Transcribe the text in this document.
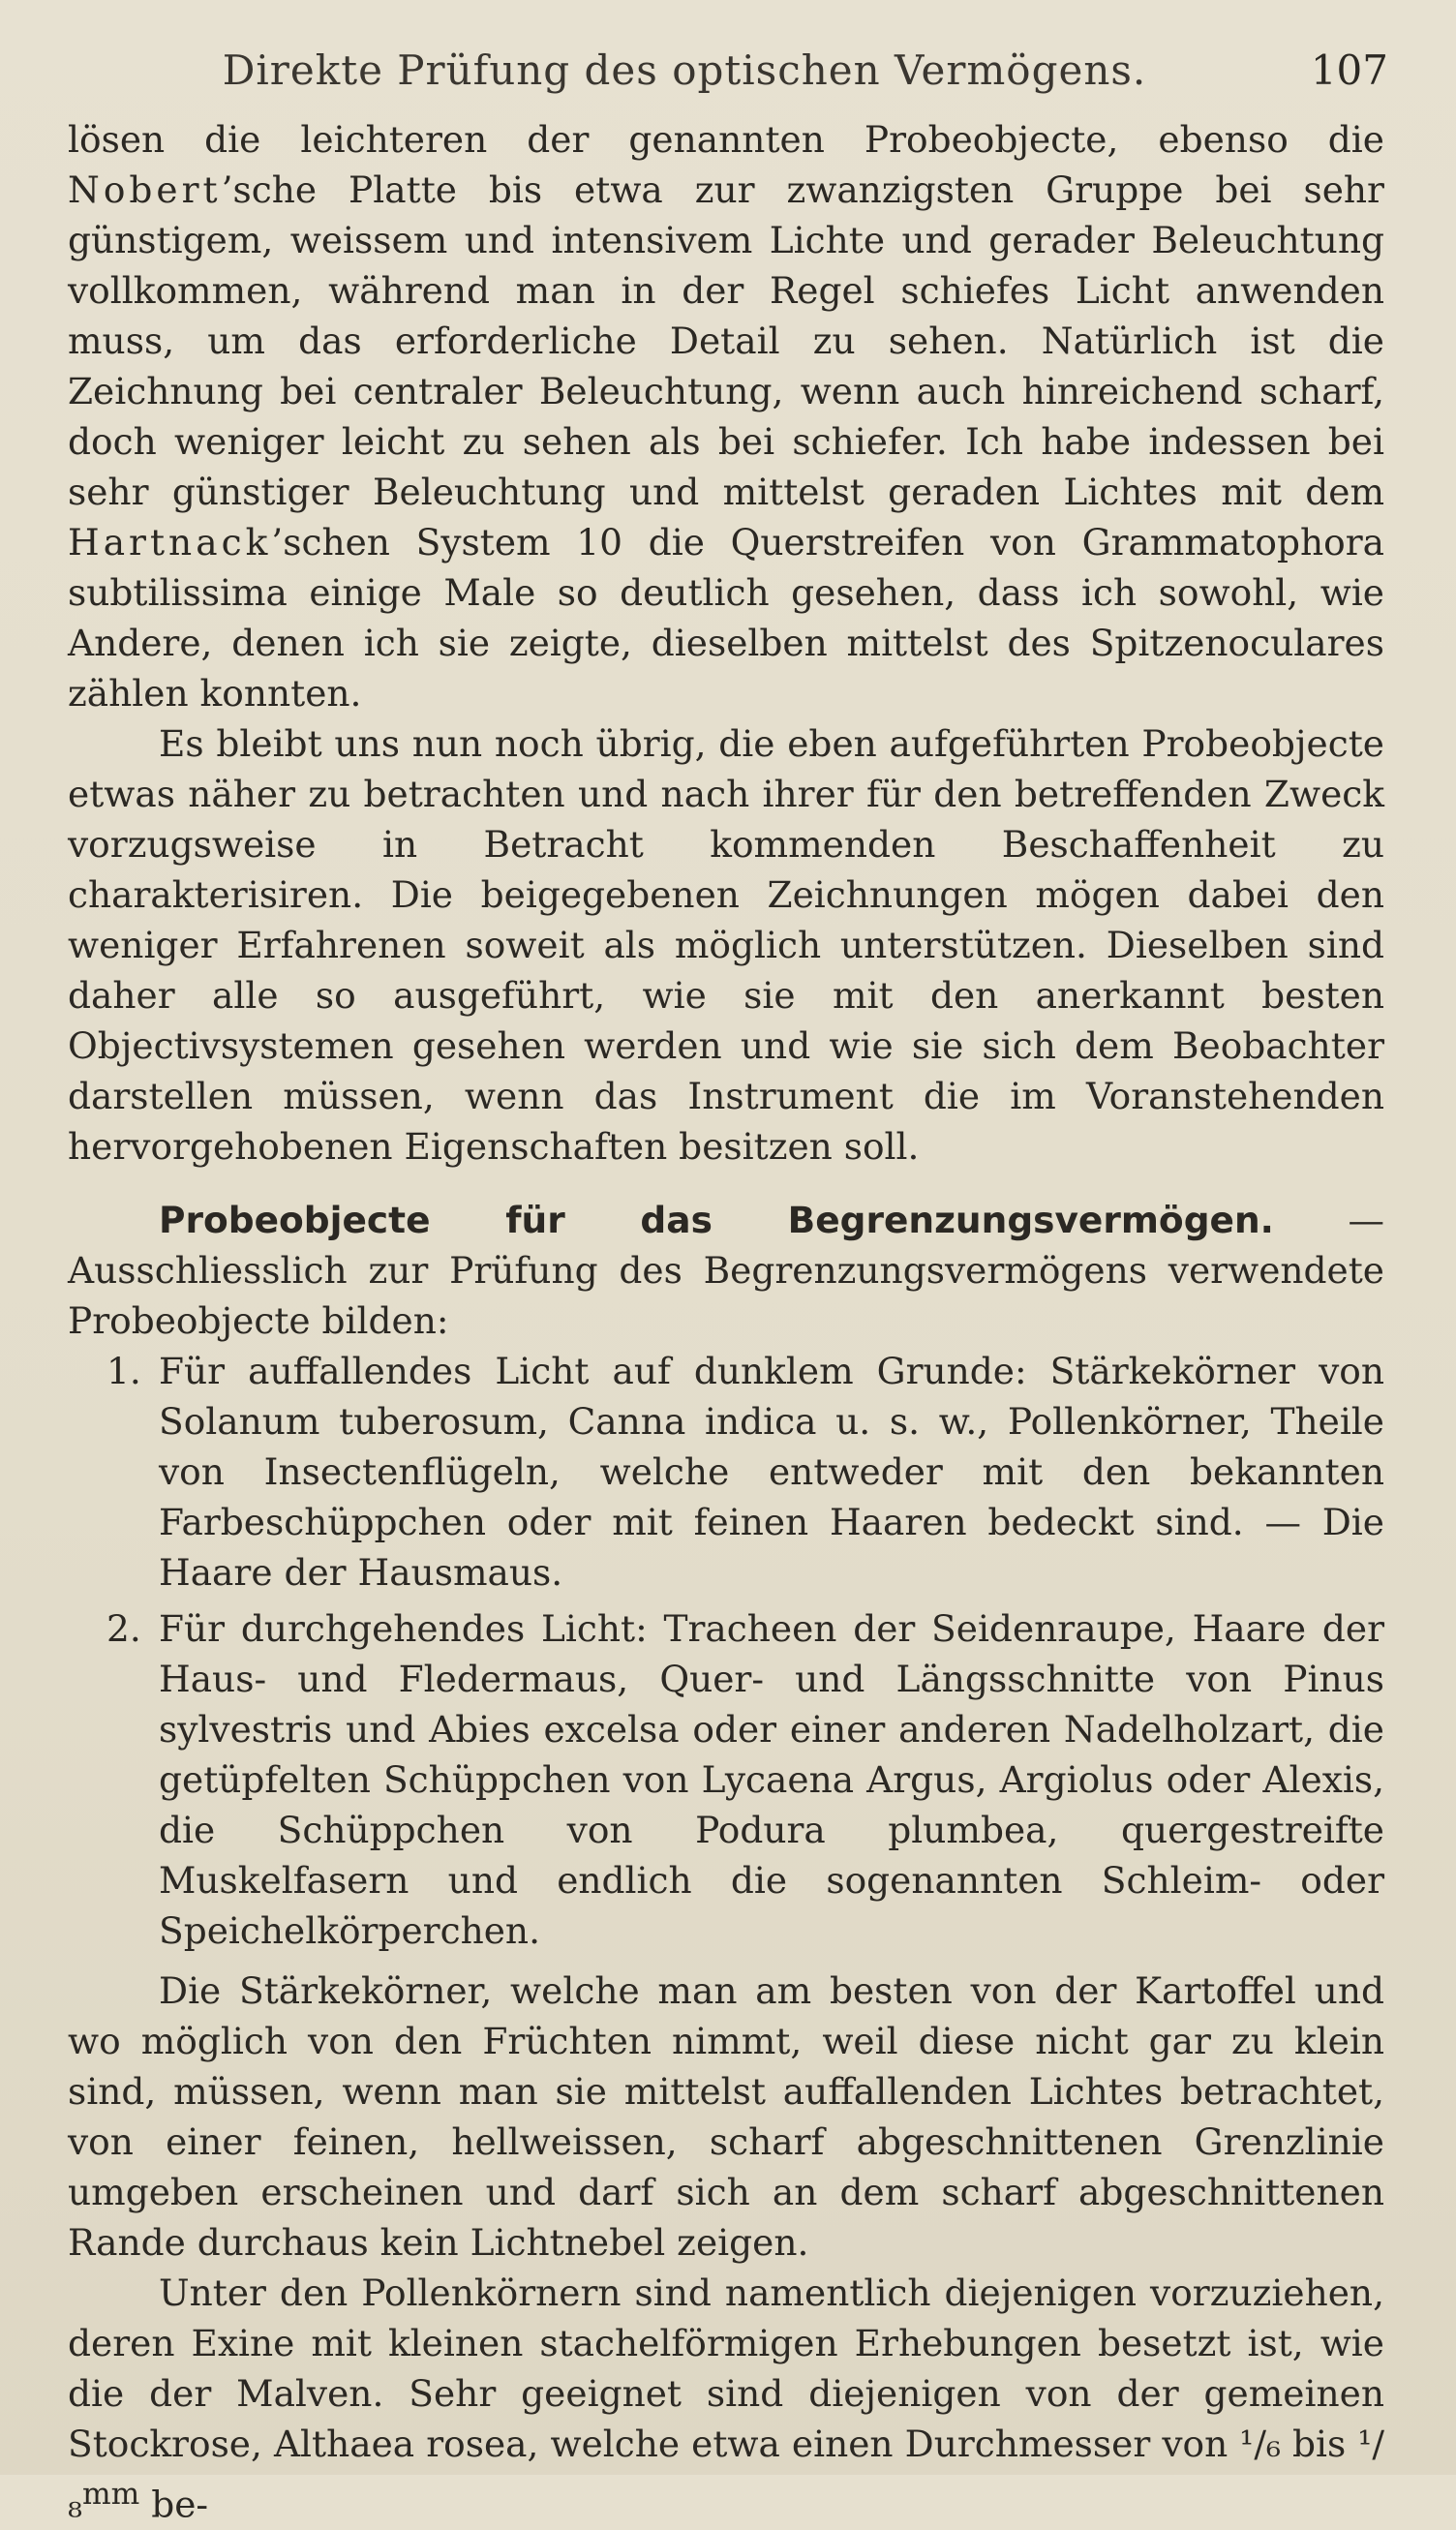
Direkte Prüfung des optischen Vermögens.	107

lösen die leichteren der genannten Probeobjecte, ebenso die Nobert’sche Platte bis etwa zur zwanzigsten Gruppe bei sehr günstigem, weissem und intensivem Lichte und gerader Beleuchtung vollkommen, während man in der Regel schiefes Licht anwenden muss, um das erforderliche Detail zu sehen. Natürlich ist die Zeichnung bei centraler Beleuchtung, wenn auch hinreichend scharf, doch weniger leicht zu sehen als bei schiefer. Ich habe indessen bei sehr günstiger Beleuchtung und mittelst geraden Lichtes mit dem Hartnack’schen System 10 die Querstreifen von Grammatophora subtilissima einige Male so deutlich gesehen, dass ich sowohl, wie Andere, denen ich sie zeigte, dieselben mittelst des Spitzenoculares zählen konnten.

Es bleibt uns nun noch übrig, die eben aufgeführten Probeobjecte etwas näher zu betrachten und nach ihrer für den betreffenden Zweck vorzugsweise in Betracht kommenden Beschaffenheit zu charakterisiren. Die beigegebenen Zeichnungen mögen dabei den weniger Erfahrenen soweit als möglich unterstützen. Dieselben sind daher alle so ausgeführt, wie sie mit den anerkannt besten Objectivsystemen gesehen werden und wie sie sich dem Beobachter darstellen müssen, wenn das Instrument die im Voranstehenden hervorgehobenen Eigenschaften besitzen soll.

Probeobjecte für das Begrenzungsvermögen. — Ausschliesslich zur Prüfung des Begrenzungsvermögens verwendete Probeobjecte bilden:

1. Für auffallendes Licht auf dunklem Grunde: Stärkekörner von Solanum tuberosum, Canna indica u. s. w., Pollenkörner, Theile von Insectenflügeln, welche entweder mit den bekannten Farbeschüppchen oder mit feinen Haaren bedeckt sind. — Die Haare der Hausmaus.
2. Für durchgehendes Licht: Tracheen der Seidenraupe, Haare der Haus- und Fledermaus, Quer- und Längsschnitte von Pinus sylvestris und Abies excelsa oder einer anderen Nadelholzart, die getüpfelten Schüppchen von Lycaena Argus, Argiolus oder Alexis, die Schüppchen von Podura plumbea, quergestreifte Muskelfasern und endlich die sogenannten Schleim- oder Speichelkörperchen.

Die Stärkekörner, welche man am besten von der Kartoffel und wo möglich von den Früchten nimmt, weil diese nicht gar zu klein sind, müssen, wenn man sie mittelst auffallenden Lichtes betrachtet, von einer feinen, hellweissen, scharf abgeschnittenen Grenzlinie umgeben erscheinen und darf sich an dem scharf abgeschnittenen Rande durchaus kein Lichtnebel zeigen.

Unter den Pollenkörnern sind namentlich diejenigen vorzuziehen, deren Exine mit kleinen stachelförmigen Erhebungen besetzt ist, wie die der Malven. Sehr geeignet sind diejenigen von der gemeinen Stockrose, Althaea rosea, welche etwa einen Durchmesser von ¹/₆ bis ¹/₈$^{mm}$ be-
